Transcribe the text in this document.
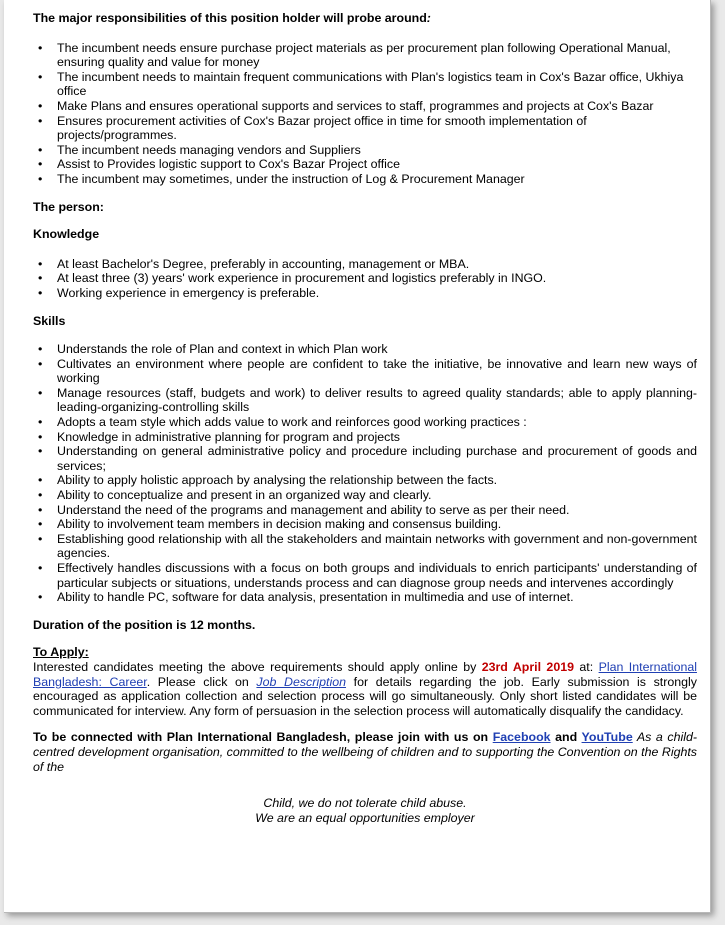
The major responsibilities of this position holder will probe around:
• The incumbent needs ensure purchase project materials as per procurement plan following Operational Manual, ensuring quality and value for money
• The incumbent needs to maintain frequent communications with Plan's logistics team in Cox's Bazar office, Ukhiya office
• Make Plans and ensures operational supports and services to staff, programmes and projects at Cox's Bazar
• Ensures procurement activities of Cox's Bazar project office in time for smooth implementation of projects/programmes.
• The incumbent needs managing vendors and Suppliers
• Assist to Provides logistic support to Cox's Bazar Project office
• The incumbent may sometimes, under the instruction of Log & Procurement Manager
The person:
Knowledge
• At least Bachelor's Degree, preferably in accounting, management or MBA.
• At least three (3) years' work experience in procurement and logistics preferably in INGO.
• Working experience in emergency is preferable.
Skills
• Understands the role of Plan and context in which Plan work
• Cultivates an environment where people are confident to take the initiative, be innovative and learn new ways of working
• Manage resources (staff, budgets and work) to deliver results to agreed quality standards; able to apply planning-leading-organizing-controlling skills
• Adopts a team style which adds value to work and reinforces good working practices :
• Knowledge in administrative planning for program and projects
• Understanding on general administrative policy and procedure including purchase and procurement of goods and services;
• Ability to apply holistic approach by analysing the relationship between the facts.
• Ability to conceptualize and present in an organized way and clearly.
• Understand the need of the programs and management and ability to serve as per their need.
• Ability to involvement team members in decision making and consensus building.
• Establishing good relationship with all the stakeholders and maintain networks with government and non-government agencies.
• Effectively handles discussions with a focus on both groups and individuals to enrich participants' understanding of particular subjects or situations, understands process and can diagnose group needs and intervenes accordingly
• Ability to handle PC, software for data analysis, presentation in multimedia and use of internet.
Duration of the position is 12 months.
To Apply:
Interested candidates meeting the above requirements should apply online by 23rd April 2019 at: Plan International Bangladesh: Career. Please click on Job Description for details regarding the job. Early submission is strongly encouraged as application collection and selection process will go simultaneously. Only short listed candidates will be communicated for interview. Any form of persuasion in the selection process will automatically disqualify the candidacy.
To be connected with Plan International Bangladesh, please join with us on Facebook and YouTube As a child-centred development organisation, committed to the wellbeing of children and to supporting the Convention on the Rights of the
Child, we do not tolerate child abuse.
We are an equal opportunities employer
